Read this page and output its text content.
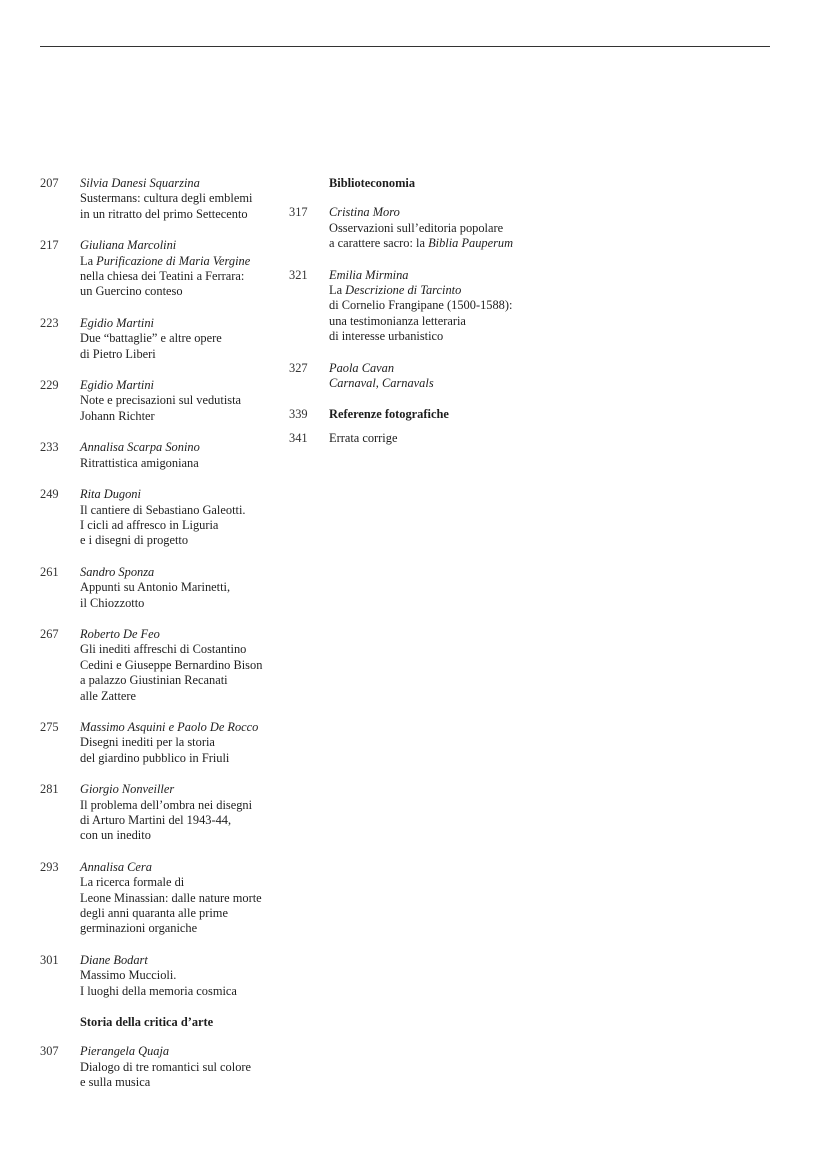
207	Silvia Danesi Squarzina
Sustermans: cultura degli emblemi
in un ritratto del primo Settecento
217	Giuliana Marcolini
La Purificazione di Maria Vergine
nella chiesa dei Teatini a Ferrara:
un Guercino conteso
223	Egidio Martini
Due “battaglie” e altre opere
di Pietro Liberi
229	Egidio Martini
Note e precisazioni sul vedutista
Johann Richter
233	Annalisa Scarpa Sonino
Ritrattistica amigoniana
249	Rita Dugoni
Il cantiere di Sebastiano Galeotti.
I cicli ad affresco in Liguria
e i disegni di progetto
261	Sandro Sponza
Appunti su Antonio Marinetti,
il Chiozzotto
267	Roberto De Feo
Gli inediti affreschi di Costantino
Cedini e Giuseppe Bernardino Bison
a palazzo Giustinian Recanati
alle Zattere
275	Massimo Asquini e Paolo De Rocco
Disegni inediti per la storia
del giardino pubblico in Friuli
281	Giorgio Nonveiller
Il problema dell’ombra nei disegni
di Arturo Martini del 1943-44,
con un inedito
293	Annalisa Cera
La ricerca formale di
Leone Minassian: dalle nature morte
degli anni quaranta alle prime
germinazioni organiche
301	Diane Bodart
Massimo Muccioli.
I luoghi della memoria cosmica
Storia della critica d’arte
307	Pierangela Quaja
Dialogo di tre romantici sul colore
e sulla musica
Biblioteconomia
317	Cristina Moro
Osservazioni sull’editoria popolare
a carattere sacro: la Biblia Pauperum
321	Emilia Mirmina
La Descrizione di Tarcinto
di Cornelio Frangipane (1500-1588):
una testimonianza letteraria
di interesse urbanistico
327	Paola Cavan
Carnaval, Carnavals
339	Referenze fotografiche
341	Errata corrige
